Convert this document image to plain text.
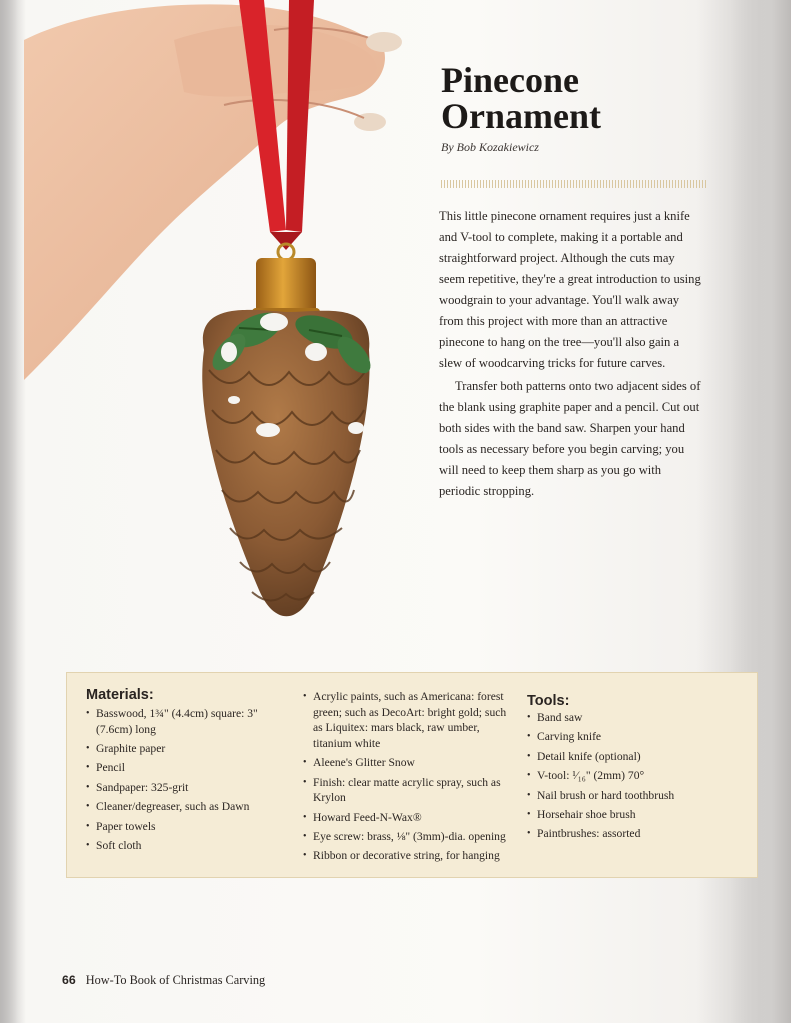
Pinecone
Ornament
By Bob Kozakiewicz

This little pinecone ornament requires just a knife and V-tool to complete, making it a portable and straightforward project. Although the cuts may seem repetitive, they're a great introduction to using woodgrain to your advantage. You'll walk away from this project with more than an attractive pinecone to hang on the tree—you'll also gain a slew of woodcarving tricks for future carves.

Transfer both patterns onto two adjacent sides of the blank using graphite paper and a pencil. Cut out both sides with the band saw. Sharpen your hand tools as necessary before you begin carving; you will need to keep them sharp as you go with periodic stropping.

Materials:
• Basswood, 1¾" (4.4cm) square: 3" (7.6cm) long
• Graphite paper
• Pencil
• Sandpaper: 325-grit
• Cleaner/degreaser, such as Dawn
• Paper towels
• Soft cloth
• Acrylic paints, such as Americana: forest green; such as DecoArt: bright gold; such as Liquitex: mars black, raw umber, titanium white
• Aleene's Glitter Snow
• Finish: clear matte acrylic spray, such as Krylon
• Howard Feed-N-Wax®
• Eye screw: brass, ⅛" (3mm)-dia. opening
• Ribbon or decorative string, for hanging
Tools:
• Band saw
• Carving knife
• Detail knife (optional)
• V-tool: ¹⁄₁₆" (2mm) 70°
• Nail brush or hard toothbrush
• Horsehair shoe brush
• Paintbrushes: assorted
66 How-To Book of Christmas Carving
